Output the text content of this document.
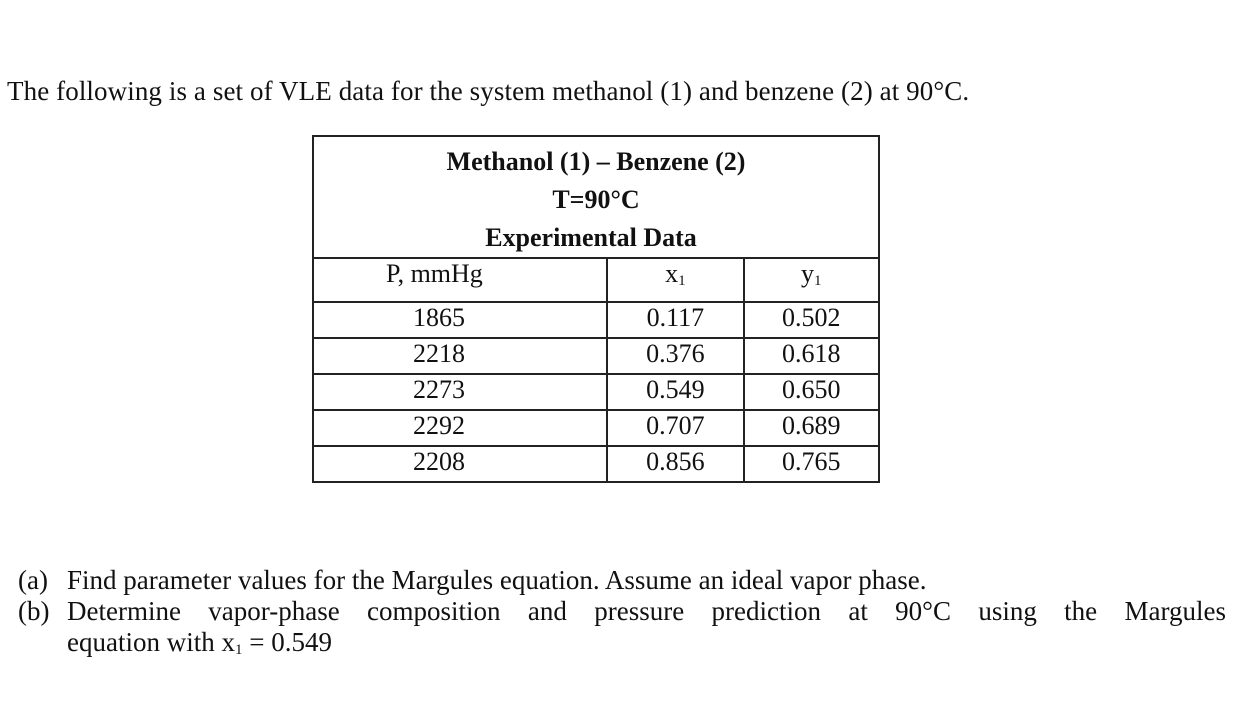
The following is a set of VLE data for the system methanol (1) and benzene (2) at 90°C.
Methanol (1) – Benzene (2)
T=90°C
Experimental Data		

P, mmHg	$x_1$	$y_1$
1865	0.117	0.502
2218	0.376	0.618
2273	0.549	0.650
2292	0.707	0.689
2208	0.856	0.765
(a) Find parameter values for the Margules equation. Assume an ideal vapor phase.
(b) Determine vapor-phase composition and pressure prediction at 90°C using the Margules
equation with $x_1 = 0.549$
